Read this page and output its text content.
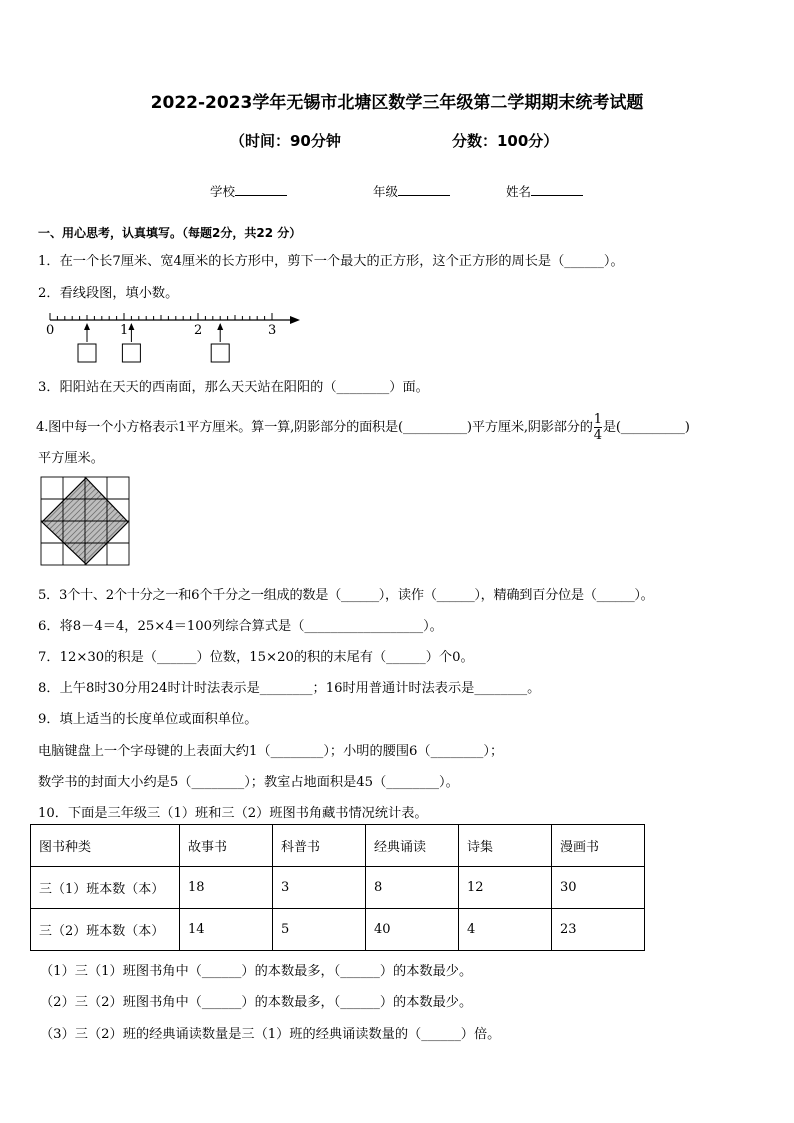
2022-2023学年无锡市北塘区数学三年级第二学期期末统考试题
（时间：90分钟	分数：100分）
学校	年级	姓名
一、用心思考，认真填写。（每题2分，共22 分）
1．在一个长7厘米、宽4厘米的长方形中，剪下一个最大的正方形，这个正方形的周长是（______）。
2．看线段图，填小数。
0	1	2	3
3．阳阳站在天天的西南面，那么天天站在阳阳的（________）面。
4.图中每一个小方格表示1平方厘米。算一算,阴影部分的面积是(__________)平方厘米,阴影部分的 $\frac{1}{4}$ 是(__________)
平方厘米。
5．3个十、2个十分之一和6个千分之一组成的数是（______），读作（______），精确到百分位是（______）。
6．将8－4＝4，25×4＝100列综合算式是（__________________）。
7．12×30的积是（______）位数，15×20的积的末尾有（______）个0。
8．上午8时30分用24时计时法表示是________；16时用普通计时法表示是________。
9．填上适当的长度单位或面积单位。
电脑键盘上一个字母键的上表面大约1（________）；小明的腰围6（________）；
数学书的封面大小约是5（________）；教室占地面积是45（________）。
10．下面是三年级三（1）班和三（2）班图书角藏书情况统计表。
图书种类	故事书	科普书	经典诵读	诗集	漫画书
三（1）班本数（本）	18	3	8	12	30
三（2）班本数（本）	14	5	40	4	23
（1）三（1）班图书角中（______）的本数最多，（______）的本数最少。
（2）三（2）班图书角中（______）的本数最多，（______）的本数最少。
（3）三（2）班的经典诵读数量是三（1）班的经典诵读数量的（______）倍。
